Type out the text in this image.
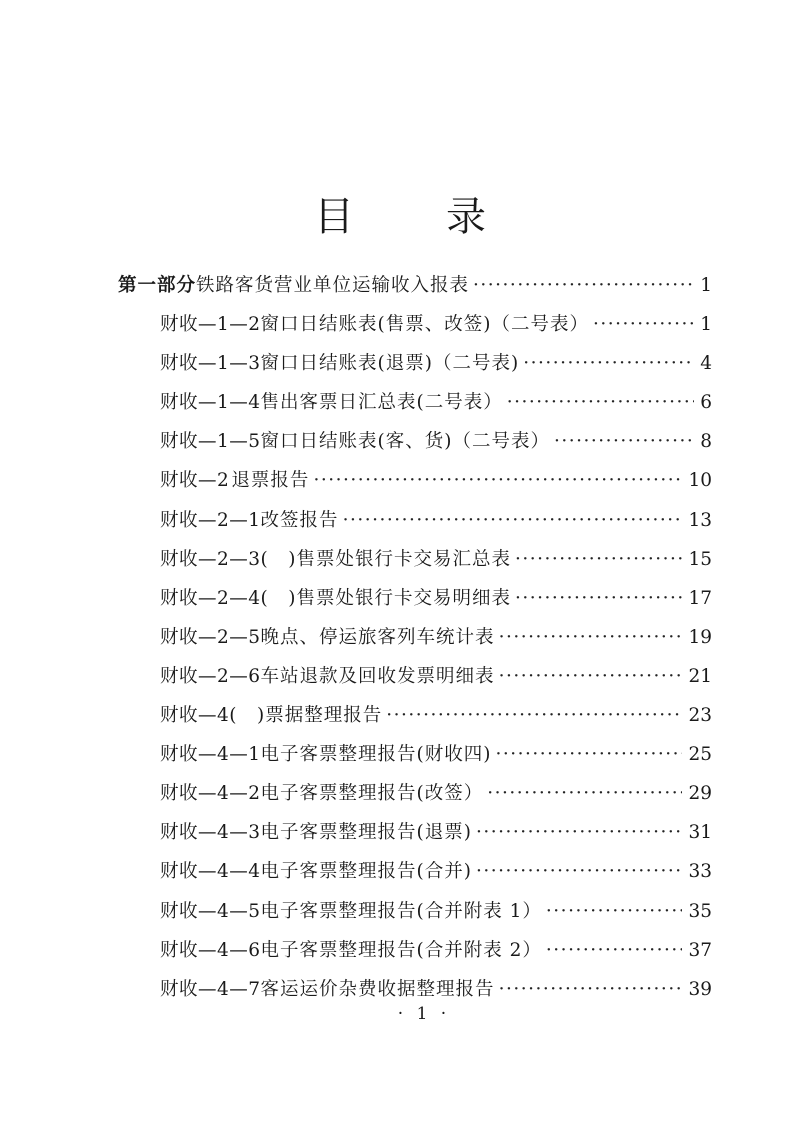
目 录
第一部分 铁路客货营业单位运输收入报表 ·····	1
财收—1—2 窗口日结账表(售票、改签)（二号表） ·····	1
财收—1—3 窗口日结账表(退票)（二号表) ·····	4
财收—1—4 售出客票日汇总表(二号表） ·····	6
财收—1—5 窗口日结账表(客、货)（二号表） ·····	8
财收—2 退票报告 ·····	10
财收—2—1 改签报告 ·····	13
财收—2—3 (　)售票处银行卡交易汇总表 ·····	15
财收—2—4 (　)售票处银行卡交易明细表 ·····	17
财收—2—5 晚点、停运旅客列车统计表 ·····	19
财收—2—6 车站退款及回收发票明细表 ·····	21
财收—4 (　)票据整理报告 ·····	23
财收—4—1 电子客票整理报告(财收四) ·····	25
财收—4—2 电子客票整理报告(改签） ·····	29
财收—4—3 电子客票整理报告(退票) ·····	31
财收—4—4 电子客票整理报告(合并) ·····	33
财收—4—5 电子客票整理报告(合并附表 1） ·····	35
财收—4—6 电子客票整理报告(合并附表 2） ·····	37
财收—4—7 客运运价杂费收据整理报告 ·····	39
· 1 ·
